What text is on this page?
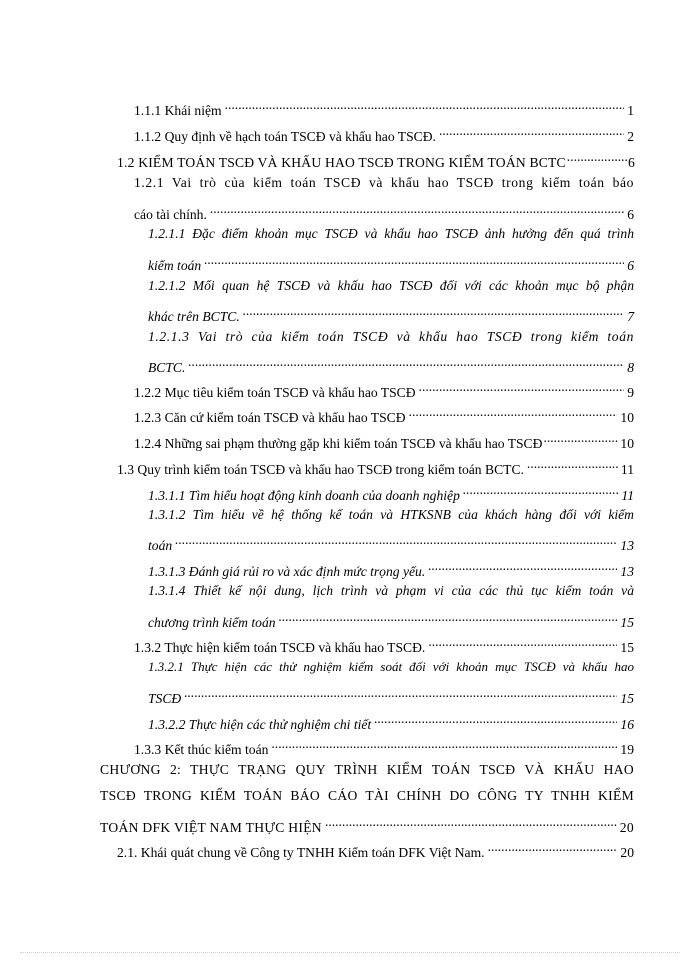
1.1.1 Khái niệm .....	1
1.1.2 Quy định về hạch toán TSCĐ và khấu hao TSCĐ. .....	2
1.2 KIỂM TOÁN TSCĐ VÀ KHẤU HAO TSCĐ TRONG KIỂM TOÁN BCTC .....	6
1.2.1 Vai trò của kiểm toán TSCĐ và khấu hao TSCĐ trong kiểm toán báo
cáo tài chính. .....	6
1.2.1.1 Đặc điểm khoản mục TSCĐ và khấu hao TSCĐ ảnh hưởng đến quá trình
kiểm toán .....	6
1.2.1.2 Mối quan hệ TSCĐ và khấu hao TSCĐ đối với các khoản mục bộ phận
khác trên BCTC. .....	7
1.2.1.3 Vai trò của kiểm toán TSCĐ và khấu hao TSCĐ trong kiểm toán
BCTC. .....	8
1.2.2 Mục tiêu kiểm toán TSCĐ và khấu hao TSCĐ .....	9
1.2.3 Căn cứ kiểm toán TSCĐ và khấu hao TSCĐ .....	10
1.2.4 Những sai phạm thường gặp khi kiểm toán TSCĐ và khấu hao TSCĐ .....	10
1.3 Quy trình kiểm toán TSCĐ và khấu hao TSCĐ trong kiểm toán BCTC. .....	11
1.3.1.1 Tìm hiểu hoạt động kinh doanh của doanh nghiệp .....	11
1.3.1.2 Tìm hiểu về hệ thống kế toán và HTKSNB của khách hàng đối với kiểm
toán .....	13
1.3.1.3 Đánh giá rủi ro và xác định mức trọng yếu. .....	13
1.3.1.4 Thiết kế nội dung, lịch trình và phạm vi của các thủ tục kiểm toán và
chương trình kiểm toán .....	15
1.3.2 Thực hiện kiểm toán TSCĐ và khấu hao TSCĐ. .....	15
1.3.2.1 Thực hiện các thử nghiệm kiểm soát đối với khoản mục TSCĐ và khấu hao
TSCĐ .....	15
1.3.2.2 Thực hiện các thử nghiệm chi tiết .....	16
1.3.3 Kết thúc kiểm toán .....	19
CHƯƠNG 2: THỰC TRẠNG QUY TRÌNH KIỂM TOÁN TSCĐ VÀ KHẤU HAO
TSCĐ TRONG KIỂM TOÁN BÁO CÁO TÀI CHÍNH DO CÔNG TY TNHH KIỂM
TOÁN DFK VIỆT NAM THỰC HIỆN .....	20
2.1. Khái quát chung về Công ty TNHH Kiểm toán DFK Việt Nam. .....	20
